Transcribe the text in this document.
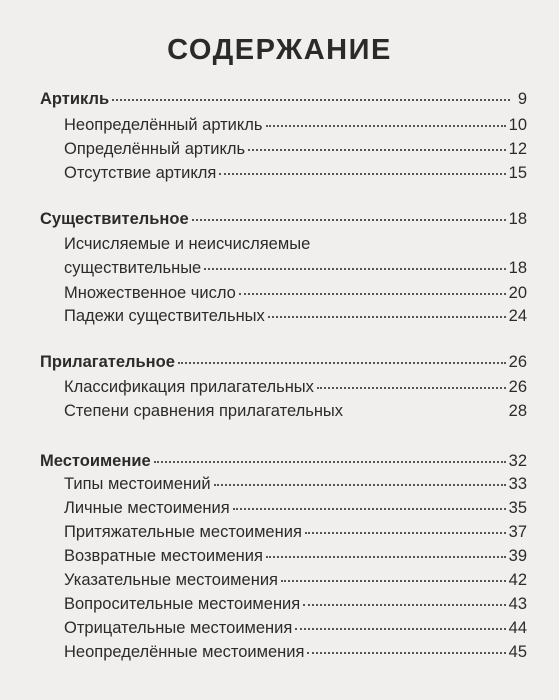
СОДЕРЖАНИЕ
Артикль	9
Неопределённый артикль	10
Определённый артикль	12
Отсутствие артикля	15
Существительное	18
Исчисляемые и неисчисляемые
существительные	18
Множественное число	20
Падежи существительных	24
Прилагательное	26
Классификация прилагательных	26
Степени сравнения прилагательных	28
Местоимение	32
Типы местоимений	33
Личные местоимения	35
Притяжательные местоимения	37
Возвратные местоимения	39
Указательные местоимения	42
Вопросительные местоимения	43
Отрицательные местоимения	44
Неопределённые местоимения	45
